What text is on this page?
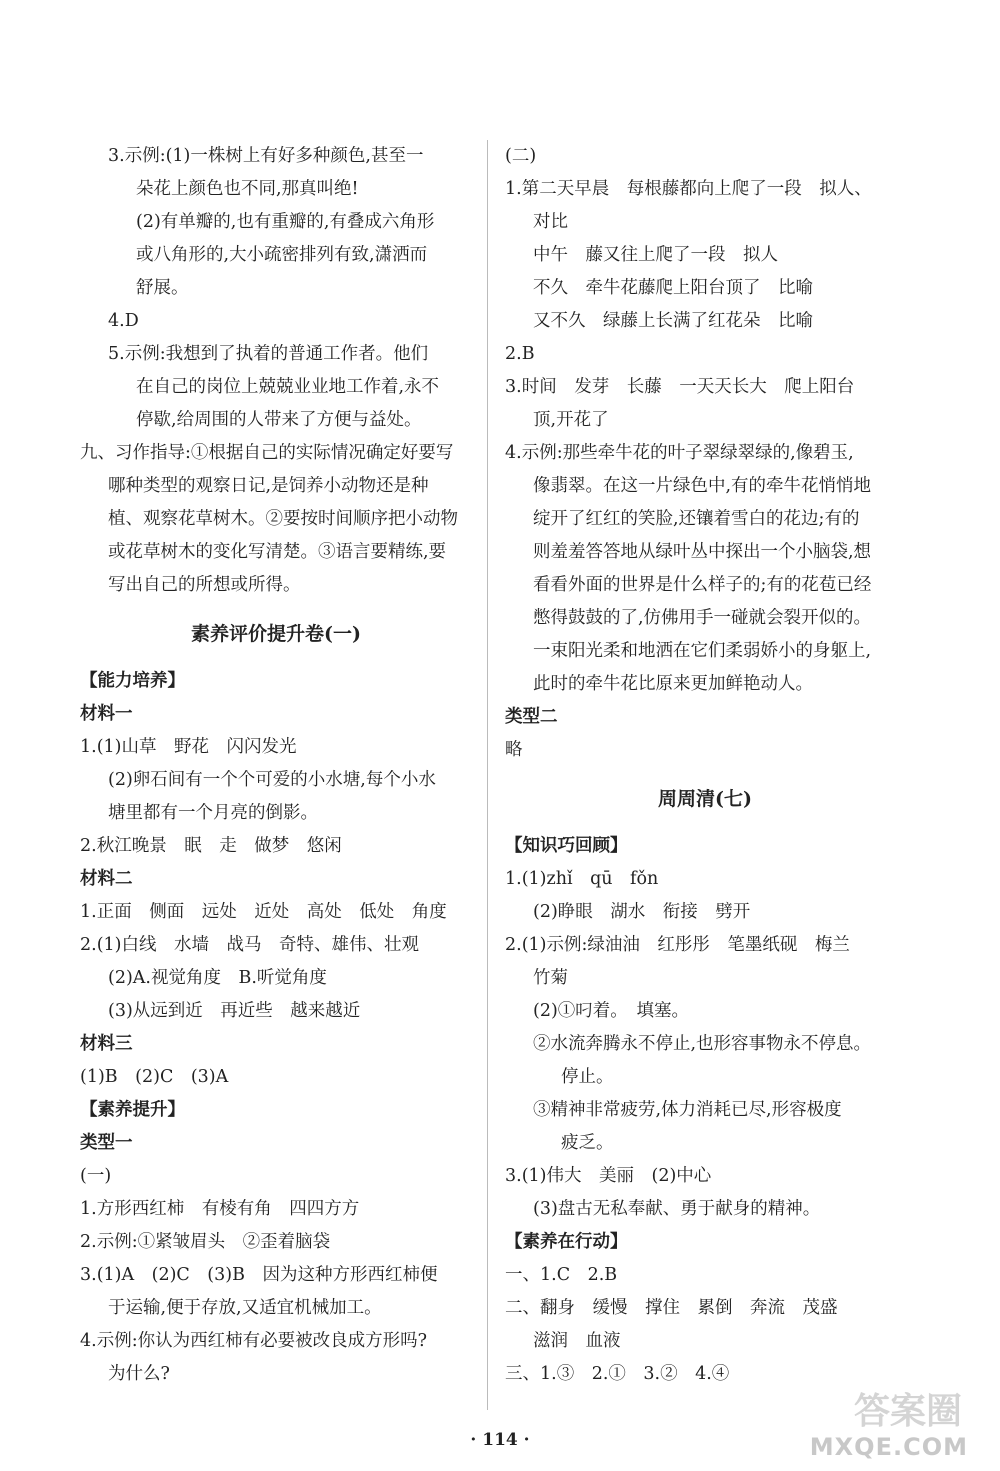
3.示例:(1)一株树上有好多种颜色,甚至一
朵花上颜色也不同,那真叫绝!
(2)有单瓣的,也有重瓣的,有叠成六角形
或八角形的,大小疏密排列有致,潇洒而
舒展。
4.D
5.示例:我想到了执着的普通工作者。他们
在自己的岗位上兢兢业业地工作着,永不
停歇,给周围的人带来了方便与益处。
九、习作指导:①根据自己的实际情况确定好要写
哪种类型的观察日记,是饲养小动物还是种
植、观察花草树木。②要按时间顺序把小动物
或花草树木的变化写清楚。③语言要精练,要
写出自己的所想或所得。
素养评价提升卷(一)
【能力培养】
材料一
1.(1)山草　野花　闪闪发光
(2)卵石间有一个个可爱的小水塘,每个小水
塘里都有一个月亮的倒影。
2.秋江晚景　眠　走　做梦　悠闲
材料二
1.正面　侧面　远处　近处　高处　低处　角度
2.(1)白线　水墙　战马　奇特、雄伟、壮观
(2)A.视觉角度　B.听觉角度
(3)从远到近　再近些　越来越近
材料三
(1)B　(2)C　(3)A
【素养提升】
类型一
(一)
1.方形西红柿　有棱有角　四四方方
2.示例:①紧皱眉头　②歪着脑袋
3.(1)A　(2)C　(3)B　因为这种方形西红柿便
于运输,便于存放,又适宜机械加工。
4.示例:你认为西红柿有必要被改良成方形吗?
为什么?
(二)
1.第二天早晨　每根藤都向上爬了一段　拟人、
对比
中午　藤又往上爬了一段　拟人
不久　牵牛花藤爬上阳台顶了　比喻
又不久　绿藤上长满了红花朵　比喻
2.B
3.时间　发芽　长藤　一天天长大　爬上阳台
顶,开花了
4.示例:那些牵牛花的叶子翠绿翠绿的,像碧玉,
像翡翠。在这一片绿色中,有的牵牛花悄悄地
绽开了红红的笑脸,还镶着雪白的花边;有的
则羞羞答答地从绿叶丛中探出一个小脑袋,想
看看外面的世界是什么样子的;有的花苞已经
憋得鼓鼓的了,仿佛用手一碰就会裂开似的。
一束阳光柔和地洒在它们柔弱娇小的身躯上,
此时的牵牛花比原来更加鲜艳动人。
类型二
略
周周清(七)
【知识巧回顾】
1.(1)zhǐ　qū　fǒn
(2)睁眼　湖水　衔接　劈开
2.(1)示例:绿油油　红彤彤　笔墨纸砚　梅兰
竹菊
(2)①叼着。　填塞。
②水流奔腾永不停止,也形容事物永不停息。
停止。
③精神非常疲劳,体力消耗已尽,形容极度
疲乏。
3.(1)伟大　美丽　(2)中心
(3)盘古无私奉献、勇于献身的精神。
【素养在行动】
一、1.C　2.B
二、翻身　缓慢　撑住　累倒　奔流　茂盛
滋润　血液
三、1.③　2.①　3.②　4.④
· 114 ·
答案圈
MXQE.COM
